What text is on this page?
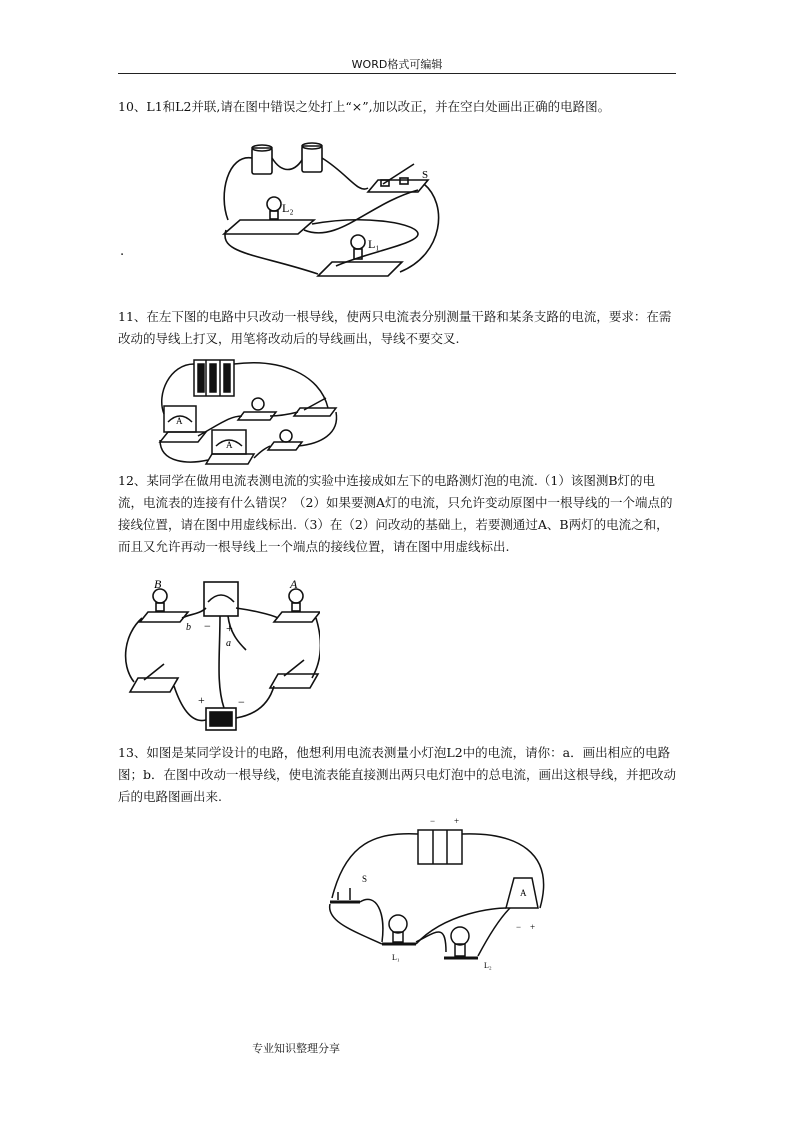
WORD格式可编辑
10、L1和L2并联,请在图中错误之处打上“×”,加以改正，并在空白处画出正确的电路图。
.
L₂
L₁
S
11、在左下图的电路中只改动一根导线，使两只电流表分别测量干路和某条支路的电流，要求：在需改动的导线上打叉，用笔将改动后的导线画出，导线不要交叉.
A
A
12、某同学在做用电流表测电流的实验中连接成如左下的电路测灯泡的电流.（1）该图测B灯的电流，电流表的连接有什么错误？（2）如果要测A灯的电流，只允许变动原图中一根导线的一个端点的接线位置，请在图中用虚线标出.（3）在（2）问改动的基础上，若要测通过A、B两灯的电流之和，而且又允许再动一根导线上一个端点的接线位置，请在图中用虚线标出.
B	A
b
a
− +
+	−
13、如图是某同学设计的电路，他想利用电流表测量小灯泡L2中的电流，请你：a．画出相应的电路图；b．在图中改动一根导线，使电流表能直接测出两只电灯泡中的总电流，画出这根导线，并把改动后的电路图画出来.
S
L₁
L₂
A
− +
− +
专业知识整理分享
